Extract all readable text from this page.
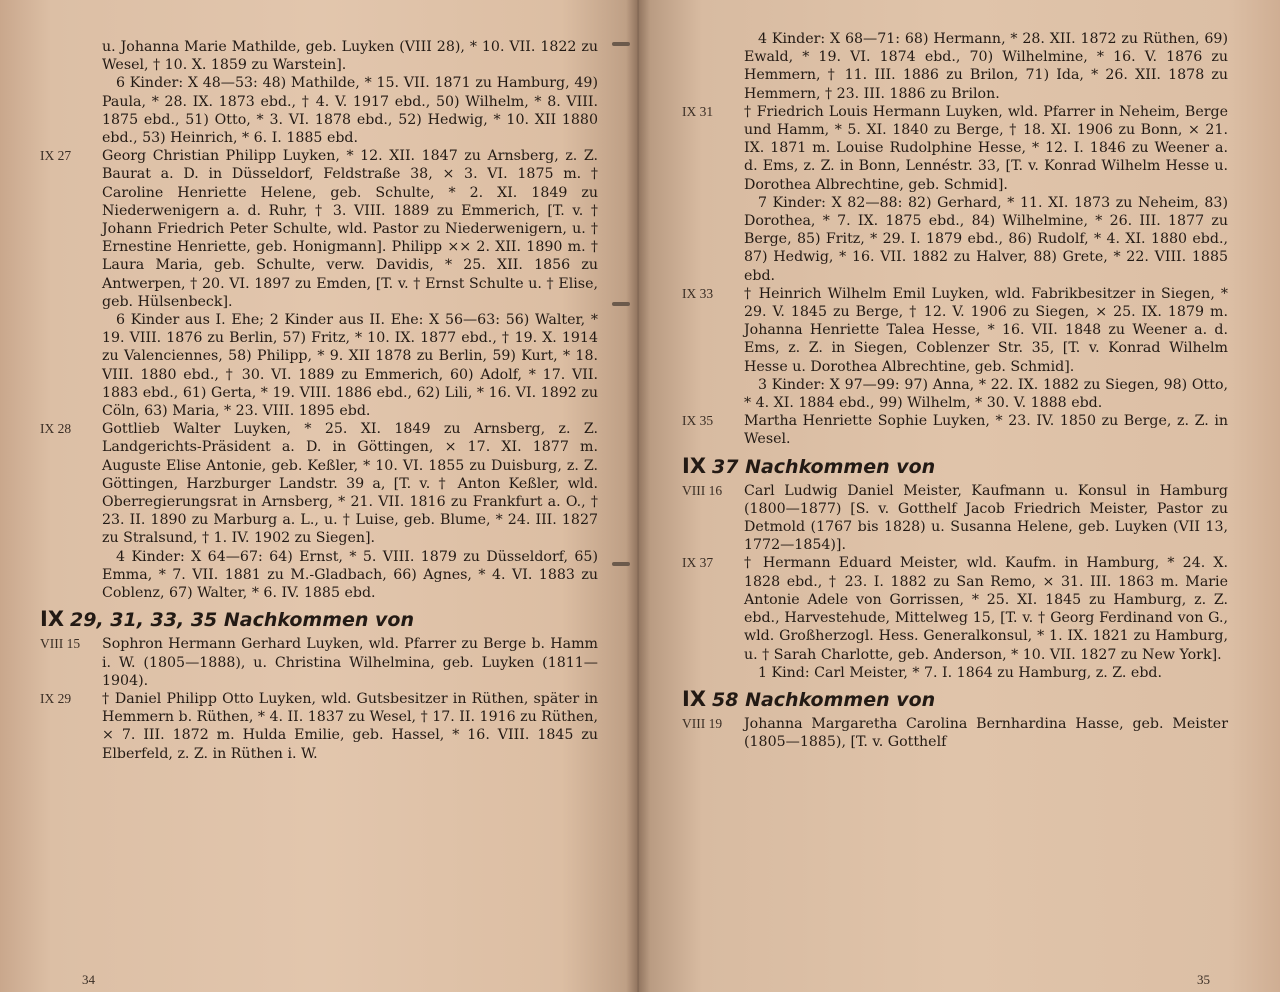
u. Johanna Marie Mathilde, geb. Luyken (VIII 28), * 10. VII. 1822 zu Wesel, † 10. X. 1859 zu Warstein].
6 Kinder: X 48—53: 48) Mathilde, * 15. VII. 1871 zu Hamburg, 49) Paula, * 28. IX. 1873 ebd., † 4. V. 1917 ebd., 50) Wilhelm, * 8. VIII. 1875 ebd., 51) Otto, * 3. VI. 1878 ebd., 52) Hedwig, * 10. XII 1880 ebd., 53) Heinrich, * 6. I. 1885 ebd.
IX 27	Georg Christian Philipp Luyken, * 12. XII. 1847 zu Arnsberg, z. Z. Baurat a. D. in Düsseldorf, Feldstraße 38, × 3. VI. 1875 m. † Caroline Henriette Helene, geb. Schulte, * 2. XI. 1849 zu Niederwenigern a. d. Ruhr, † 3. VIII. 1889 zu Emmerich, [T. v. † Johann Friedrich Peter Schulte, wld. Pastor zu Niederwenigern, u. † Ernestine Henriette, geb. Honigmann]. Philipp ×× 2. XII. 1890 m. † Laura Maria, geb. Schulte, verw. Davidis, * 25. XII. 1856 zu Antwerpen, † 20. VI. 1897 zu Emden, [T. v. † Ernst Schulte u. † Elise, geb. Hülsenbeck].
6 Kinder aus I. Ehe; 2 Kinder aus II. Ehe: X 56—63: 56) Walter, * 19. VIII. 1876 zu Berlin, 57) Fritz, * 10. IX. 1877 ebd., † 19. X. 1914 zu Valenciennes, 58) Philipp, * 9. XII 1878 zu Berlin, 59) Kurt, * 18. VIII. 1880 ebd., † 30. VI. 1889 zu Emmerich, 60) Adolf, * 17. VII. 1883 ebd., 61) Gerta, * 19. VIII. 1886 ebd., 62) Lili, * 16. VI. 1892 zu Cöln, 63) Maria, * 23. VIII. 1895 ebd.
IX 28	Gottlieb Walter Luyken, * 25. XI. 1849 zu Arnsberg, z. Z. Landgerichts-Präsident a. D. in Göttingen, × 17. XI. 1877 m. Auguste Elise Antonie, geb. Keßler, * 10. VI. 1855 zu Duisburg, z. Z. Göttingen, Harzburger Landstr. 39 a, [T. v. † Anton Keßler, wld. Oberregierungsrat in Arnsberg, * 21. VII. 1816 zu Frankfurt a. O., † 23. II. 1890 zu Marburg a. L., u. † Luise, geb. Blume, * 24. III. 1827 zu Stralsund, † 1. IV. 1902 zu Siegen].
4 Kinder: X 64—67: 64) Ernst, * 5. VIII. 1879 zu Düsseldorf, 65) Emma, * 7. VII. 1881 zu M.-Gladbach, 66) Agnes, * 4. VI. 1883 zu Coblenz, 67) Walter, * 6. IV. 1885 ebd.
IX 29, 31, 33, 35 Nachkommen von
VIII 15	Sophron Hermann Gerhard Luyken, wld. Pfarrer zu Berge b. Hamm i. W. (1805—1888), u. Christina Wilhelmina, geb. Luyken (1811—1904).
IX 29	† Daniel Philipp Otto Luyken, wld. Gutsbesitzer in Rüthen, später in Hemmern b. Rüthen, * 4. II. 1837 zu Wesel, † 17. II. 1916 zu Rüthen, × 7. III. 1872 m. Hulda Emilie, geb. Hassel, * 16. VIII. 1845 zu Elberfeld, z. Z. in Rüthen i. W.
34
4 Kinder: X 68—71: 68) Hermann, * 28. XII. 1872 zu Rüthen, 69) Ewald, * 19. VI. 1874 ebd., 70) Wilhelmine, * 16. V. 1876 zu Hemmern, † 11. III. 1886 zu Brilon, 71) Ida, * 26. XII. 1878 zu Hemmern, † 23. III. 1886 zu Brilon.
IX 31	† Friedrich Louis Hermann Luyken, wld. Pfarrer in Neheim, Berge und Hamm, * 5. XI. 1840 zu Berge, † 18. XI. 1906 zu Bonn, × 21. IX. 1871 m. Louise Rudolphine Hesse, * 12. I. 1846 zu Weener a. d. Ems, z. Z. in Bonn, Lennéstr. 33, [T. v. Konrad Wilhelm Hesse u. Dorothea Albrechtine, geb. Schmid].
7 Kinder: X 82—88: 82) Gerhard, * 11. XI. 1873 zu Neheim, 83) Dorothea, * 7. IX. 1875 ebd., 84) Wilhelmine, * 26. III. 1877 zu Berge, 85) Fritz, * 29. I. 1879 ebd., 86) Rudolf, * 4. XI. 1880 ebd., 87) Hedwig, * 16. VII. 1882 zu Halver, 88) Grete, * 22. VIII. 1885 ebd.
IX 33	† Heinrich Wilhelm Emil Luyken, wld. Fabrikbesitzer in Siegen, * 29. V. 1845 zu Berge, † 12. V. 1906 zu Siegen, × 25. IX. 1879 m. Johanna Henriette Talea Hesse, * 16. VII. 1848 zu Weener a. d. Ems, z. Z. in Siegen, Coblenzer Str. 35, [T. v. Konrad Wilhelm Hesse u. Dorothea Albrechtine, geb. Schmid].
3 Kinder: X 97—99: 97) Anna, * 22. IX. 1882 zu Siegen, 98) Otto, * 4. XI. 1884 ebd., 99) Wilhelm, * 30. V. 1888 ebd.
IX 35	Martha Henriette Sophie Luyken, * 23. IV. 1850 zu Berge, z. Z. in Wesel.
IX 37 Nachkommen von
VIII 16	Carl Ludwig Daniel Meister, Kaufmann u. Konsul in Hamburg (1800—1877) [S. v. Gotthelf Jacob Friedrich Meister, Pastor zu Detmold (1767 bis 1828) u. Susanna Helene, geb. Luyken (VII 13, 1772—1854)].
IX 37	† Hermann Eduard Meister, wld. Kaufm. in Hamburg, * 24. X. 1828 ebd., † 23. I. 1882 zu San Remo, × 31. III. 1863 m. Marie Antonie Adele von Gorrissen, * 25. XI. 1845 zu Hamburg, z. Z. ebd., Harvestehude, Mittelweg 15, [T. v. † Georg Ferdinand von G., wld. Großherzogl. Hess. Generalkonsul, * 1. IX. 1821 zu Hamburg, u. † Sarah Charlotte, geb. Anderson, * 10. VII. 1827 zu New York].
1 Kind: Carl Meister, * 7. I. 1864 zu Hamburg, z. Z. ebd.
IX 58 Nachkommen von
VIII 19	Johanna Margaretha Carolina Bernhardina Hasse, geb. Meister (1805—1885), [T. v. Gotthelf
35
